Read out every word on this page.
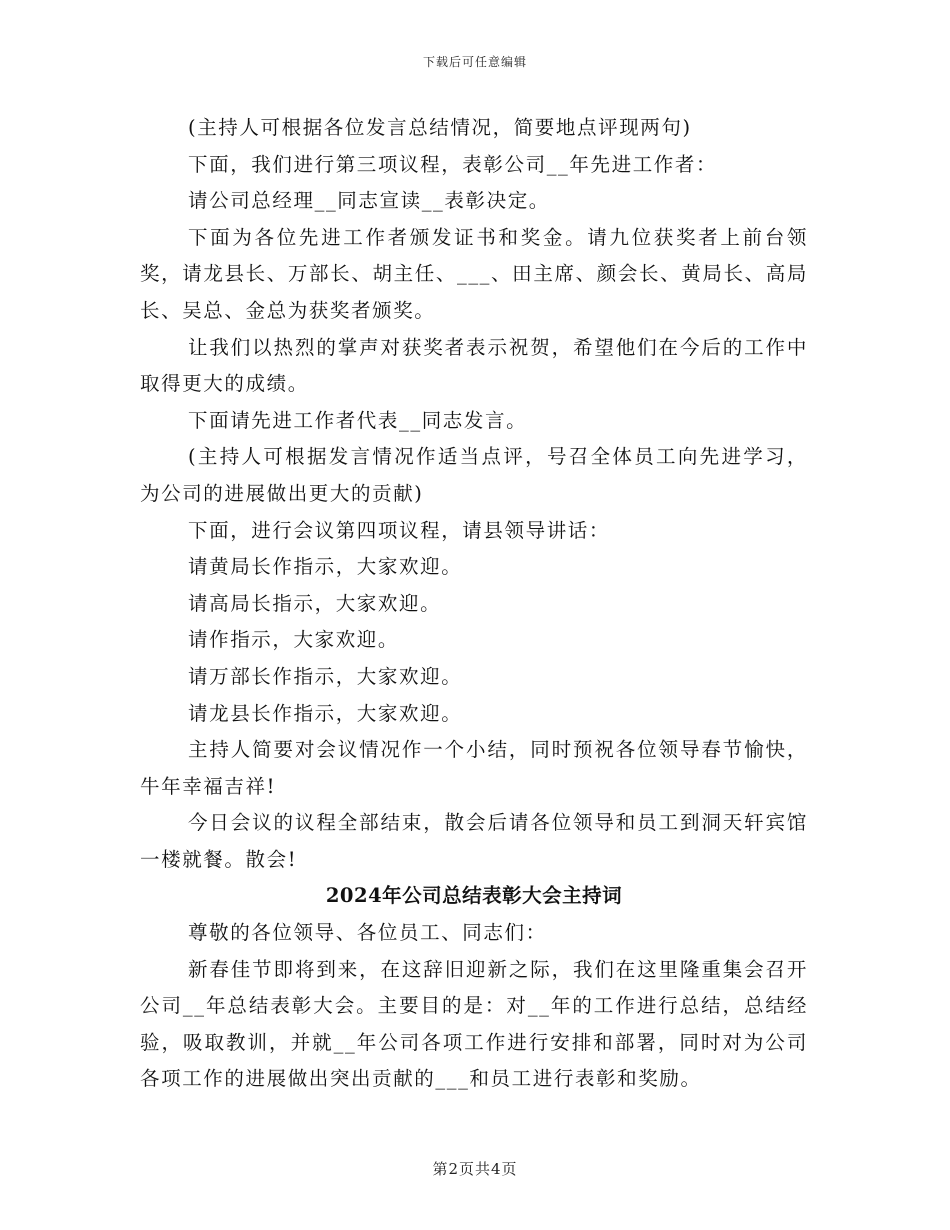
下载后可任意编辑

(主持人可根据各位发言总结情况，简要地点评现两句)

下面，我们进行第三项议程，表彰公司__年先进工作者：

请公司总经理__同志宣读__表彰决定。

下面为各位先进工作者颁发证书和奖金。请九位获奖者上前台领奖，请龙县长、万部长、胡主任、___、田主席、颜会长、黄局长、高局长、吴总、金总为获奖者颁奖。

让我们以热烈的掌声对获奖者表示祝贺，希望他们在今后的工作中取得更大的成绩。

下面请先进工作者代表__同志发言。

(主持人可根据发言情况作适当点评，号召全体员工向先进学习，为公司的进展做出更大的贡献)

下面，进行会议第四项议程，请县领导讲话：

请黄局长作指示，大家欢迎。

请高局长指示，大家欢迎。

请作指示，大家欢迎。

请万部长作指示，大家欢迎。

请龙县长作指示，大家欢迎。

主持人简要对会议情况作一个小结，同时预祝各位领导春节愉快，牛年幸福吉祥!

今日会议的议程全部结束，散会后请各位领导和员工到洞天轩宾馆一楼就餐。散会!

2024年公司总结表彰大会主持词

尊敬的各位领导、各位员工、同志们：

新春佳节即将到来，在这辞旧迎新之际，我们在这里隆重集会召开公司__年总结表彰大会。主要目的是：对__年的工作进行总结，总结经验，吸取教训，并就__年公司各项工作进行安排和部署，同时对为公司各项工作的进展做出突出贡献的___和员工进行表彰和奖励。

第2页共4页
